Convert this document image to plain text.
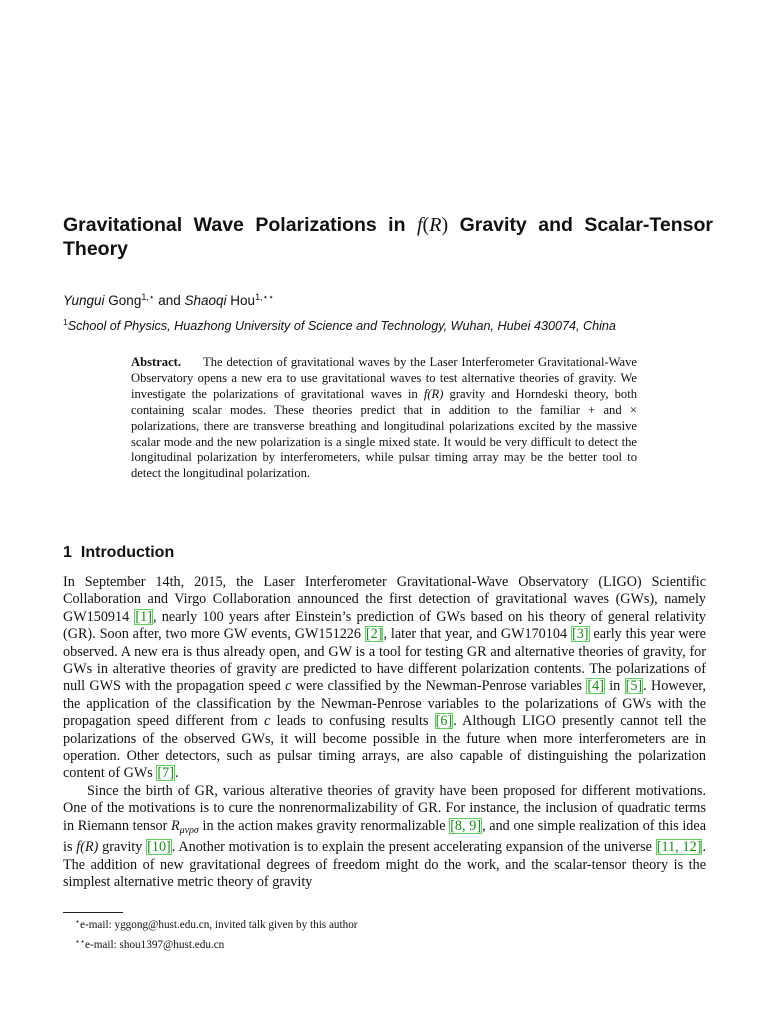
Gravitational Wave Polarizations in f(R) Gravity and Scalar-Tensor Theory
Yungui Gong$^{1,⋆}$ and Shaoqi Hou$^{1,⋆⋆}$
$^1$School of Physics, Huazhong University of Science and Technology, Wuhan, Hubei 430074, China
Abstract. The detection of gravitational waves by the Laser Interferometer Gravitational-Wave Observatory opens a new era to use gravitational waves to test alternative theories of gravity. We investigate the polarizations of gravitational waves in f(R) gravity and Horndeski theory, both containing scalar modes. These theories predict that in addition to the familiar + and × polarizations, there are transverse breathing and longitudinal polarizations excited by the massive scalar mode and the new polarization is a single mixed state. It would be very difficult to detect the longitudinal polarization by interferometers, while pulsar timing array may be the better tool to detect the longitudinal polarization.
1 Introduction

In September 14th, 2015, the Laser Interferometer Gravitational-Wave Observatory (LIGO) Scientific Collaboration and Virgo Collaboration announced the first detection of gravitational waves (GWs), namely GW150914 [1], nearly 100 years after Einstein’s prediction of GWs based on his theory of general relativity (GR). Soon after, two more GW events, GW151226 [2], later that year, and GW170104 [3] early this year were observed. A new era is thus already open, and GW is a tool for testing GR and alternative theories of gravity, for GWs in alterative theories of gravity are predicted to have different polarization contents. The polarizations of null GWS with the propagation speed c were classified by the Newman-Penrose variables [4] in [5]. However, the application of the classification by the Newman-Penrose variables to the polarizations of GWs with the propagation speed different from c leads to confusing results [6]. Although LIGO presently cannot tell the polarizations of the observed GWs, it will become possible in the future when more interferometers are in operation. Other detectors, such as pulsar timing arrays, are also capable of distinguishing the polarization content of GWs [7].

Since the birth of GR, various alterative theories of gravity have been proposed for different motivations. One of the motivations is to cure the nonrenormalizability of GR. For instance, the inclusion of quadratic terms in Riemann tensor $R_{\mu\nu\rho\sigma}$ in the action makes gravity renormalizable [8, 9], and one simple realization of this idea is f(R) gravity [10]. Another motivation is to explain the present accelerating expansion of the universe [11, 12]. The addition of new gravitational degrees of freedom might do the work, and the scalar-tensor theory is the simplest alternative metric theory of gravity

⋆e-mail: yggong@hust.edu.cn, invited talk given by this author
⋆⋆e-mail: shou1397@hust.edu.cn
